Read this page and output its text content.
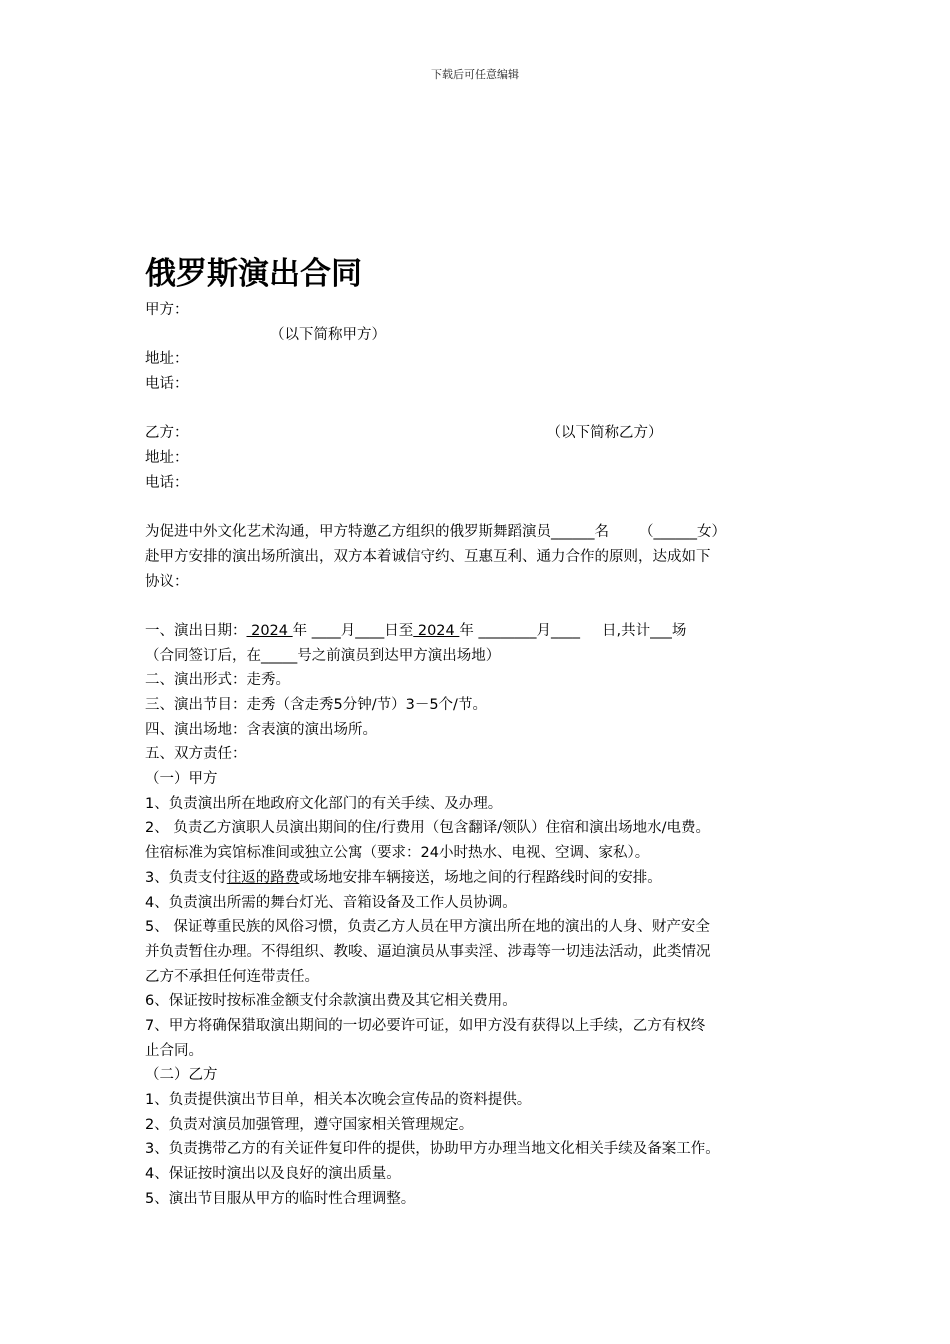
下载后可任意编辑
俄罗斯演出合同
甲方：
（以下简称甲方）
地址：
电话：
乙方：	（以下简称乙方）
地址：
电话：
为促进中外文化艺术沟通，甲方特邀乙方组织的俄罗斯舞蹈演员______名 （______女）
赴甲方安排的演出场所演出，双方本着诚信守约、互惠互利、通力合作的原则，达成如下
协议：
一、演出日期： 2024 年 ____月____日至 2024 年 ________月____ 日,共计___场
（合同签订后，在_____号之前演员到达甲方演出场地）
二、演出形式：走秀。
三、演出节目：走秀（含走秀5分钟/节）3－5个/节。
四、演出场地：含表演的演出场所。
五、双方责任：
（一）甲方
1、负责演出所在地政府文化部门的有关手续、及办理。
2、 负责乙方演职人员演出期间的住/行费用（包含翻译/领队）住宿和演出场地水/电费。
住宿标准为宾馆标准间或独立公寓（要求：24小时热水、电视、空调、家私）。
3、负责支付往返的路费或场地安排车辆接送，场地之间的行程路线时间的安排。
4、负责演出所需的舞台灯光、音箱设备及工作人员协调。
5、 保证尊重民族的风俗习惯，负责乙方人员在甲方演出所在地的演出的人身、财产安全
并负责暂住办理。不得组织、教唆、逼迫演员从事卖淫、涉毒等一切违法活动，此类情况
乙方不承担任何连带责任。
6、保证按时按标准金额支付余款演出费及其它相关费用。
7、甲方将确保猎取演出期间的一切必要许可证，如甲方没有获得以上手续，乙方有权终
止合同。
（二）乙方
1、负责提供演出节目单，相关本次晚会宣传品的资料提供。
2、负责对演员加强管理，遵守国家相关管理规定。
3、负责携带乙方的有关证件复印件的提供，协助甲方办理当地文化相关手续及备案工作。
4、保证按时演出以及良好的演出质量。
5、演出节目服从甲方的临时性合理调整。
